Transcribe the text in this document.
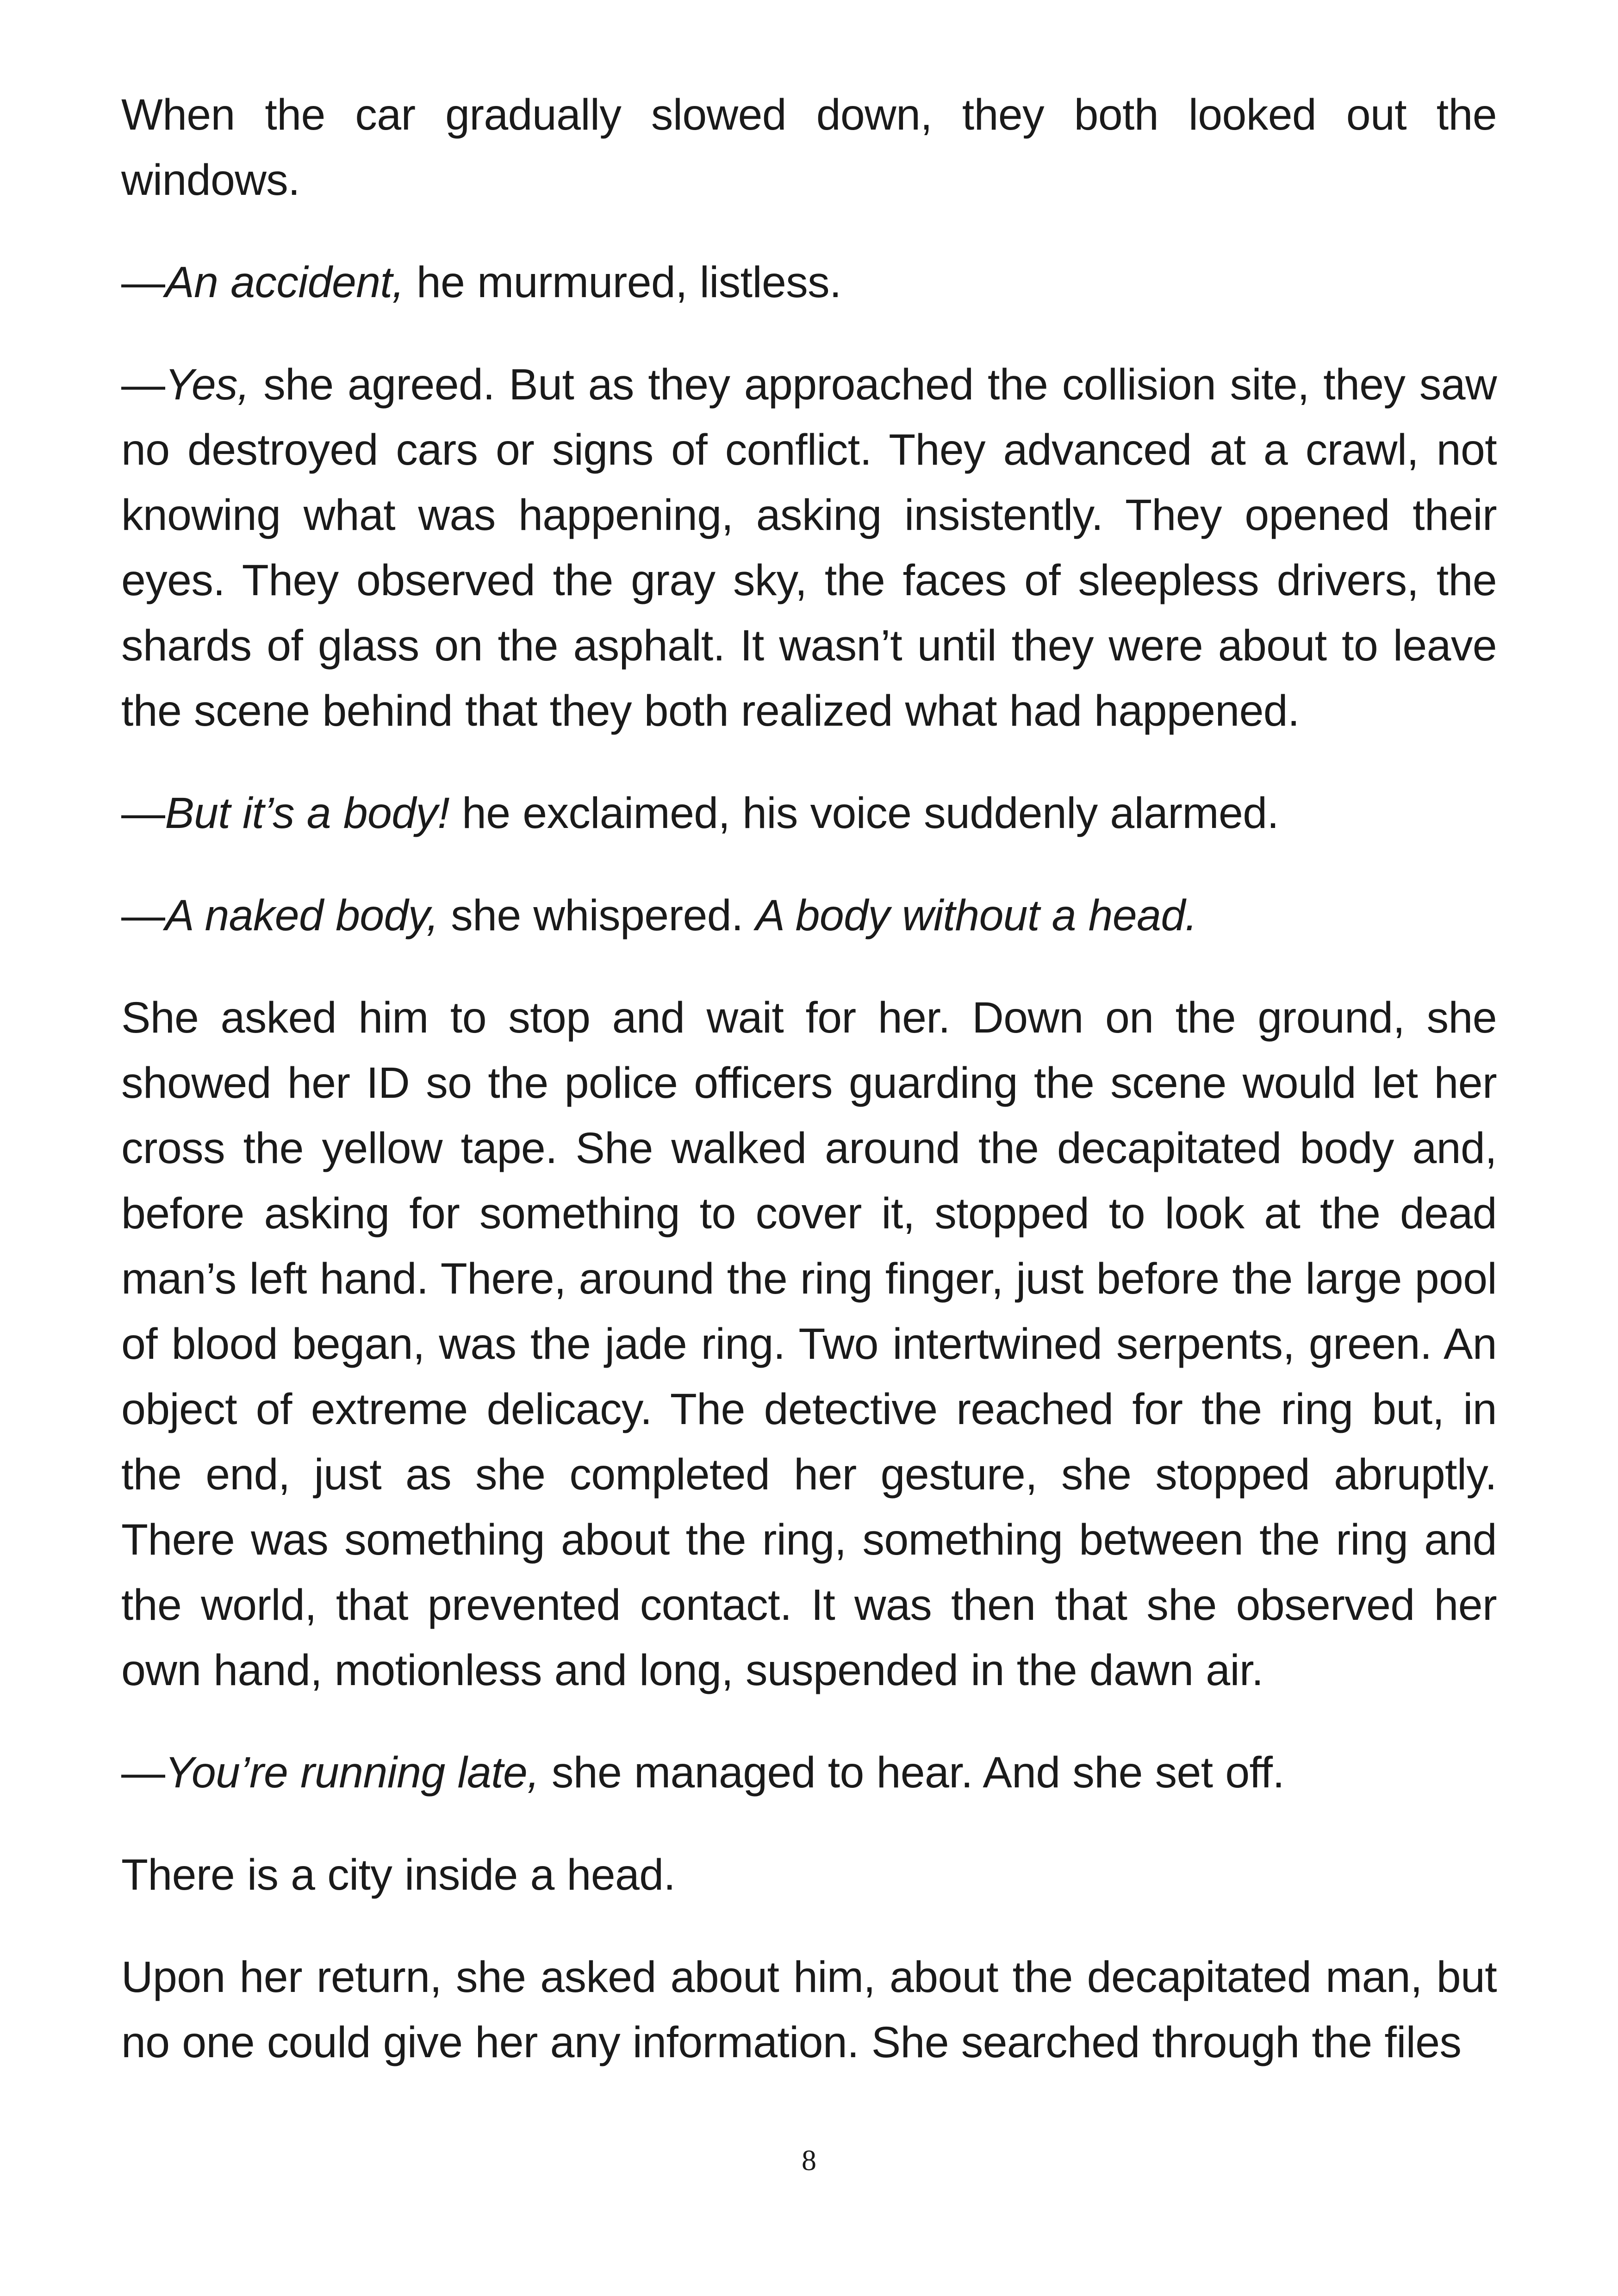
When the car gradually slowed down, they both looked out the windows.

—An accident, he murmured, listless.

—Yes, she agreed. But as they approached the collision site, they saw no destroyed cars or signs of conflict. They advanced at a crawl, not knowing what was happening, asking insistently. They opened their eyes. They observed the gray sky, the faces of sleepless drivers, the shards of glass on the asphalt. It wasn’t until they were about to leave the scene behind that they both realized what had happened.

—But it’s a body! he exclaimed, his voice suddenly alarmed.

—A naked body, she whispered. A body without a head.

She asked him to stop and wait for her. Down on the ground, she showed her ID so the police officers guarding the scene would let her cross the yellow tape. She walked around the decapitated body and, before asking for something to cover it, stopped to look at the dead man’s left hand. There, around the ring finger, just before the large pool of blood began, was the jade ring. Two intertwined serpents, green. An object of extreme delicacy. The detective reached for the ring but, in the end, just as she completed her gesture, she stopped abruptly. There was something about the ring, something between the ring and the world, that prevented contact. It was then that she observed her own hand, motionless and long, suspended in the dawn air.

—You’re running late, she managed to hear. And she set off.

There is a city inside a head.

Upon her return, she asked about him, about the decapitated man, but no one could give her any information. She searched through the files

8
